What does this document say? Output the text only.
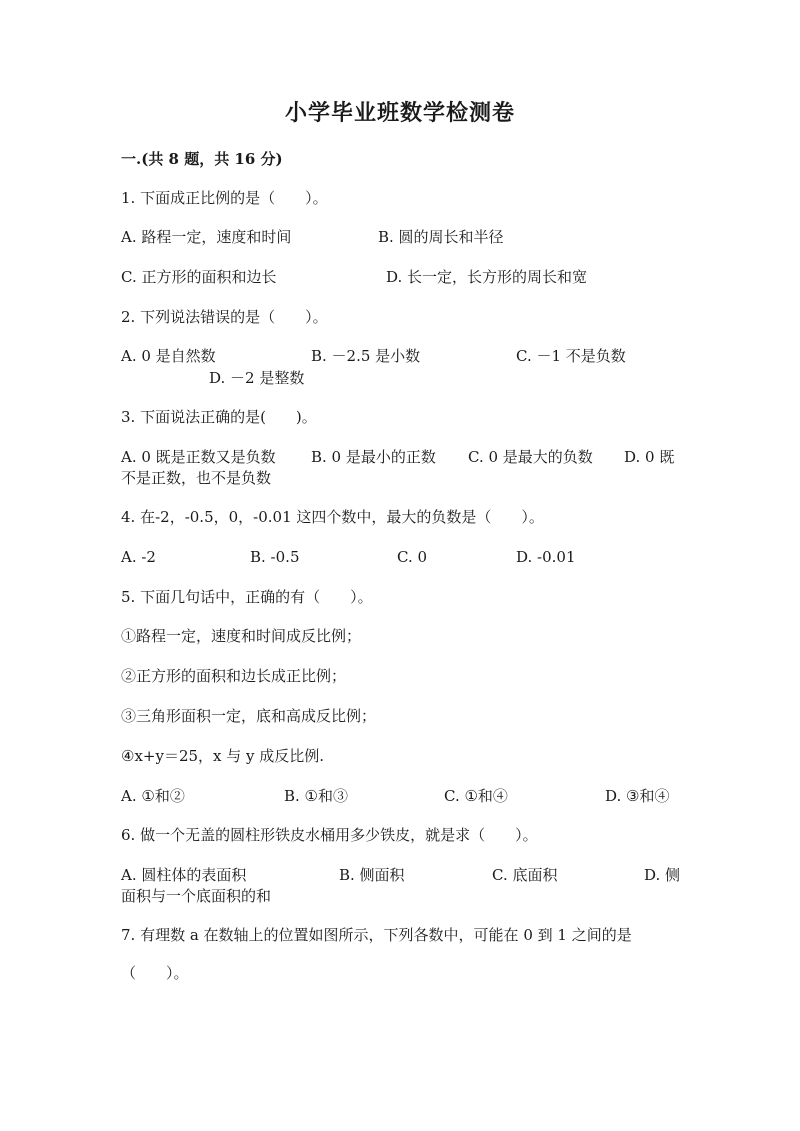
小学毕业班数学检测卷
一.(共 8 题，共 16 分)
1. 下面成正比例的是（　　）。
A. 路程一定，速度和时间	B. 圆的周长和半径
C. 正方形的面积和边长	D. 长一定，长方形的周长和宽
2. 下列说法错误的是（　　）。
A. 0 是自然数	B. －2.5 是小数	C. －1 不是负数
D. －2 是整数
3. 下面说法正确的是(　　)。
A. 0 既是正数又是负数 B. 0 是最小的正数 C. 0 是最大的负数 D. 0 既
不是正数，也不是负数
4. 在-2，-0.5，0，-0.01 这四个数中，最大的负数是（　　）。
A. -2	B. -0.5	C. 0	D. -0.01
5. 下面几句话中，正确的有（　　）。
①路程一定，速度和时间成反比例；
②正方形的面积和边长成正比例；
③三角形面积一定，底和高成反比例；
④x+y＝25，x 与 y 成反比例.
A. ①和②	B. ①和③	C. ①和④	D. ③和④
6. 做一个无盖的圆柱形铁皮水桶用多少铁皮，就是求（　　）。
A. 圆柱体的表面积	B. 侧面积	C. 底面积	D. 侧
面积与一个底面积的和
7. 有理数 a 在数轴上的位置如图所示，下列各数中，可能在 0 到 1 之间的是
（　　）。
